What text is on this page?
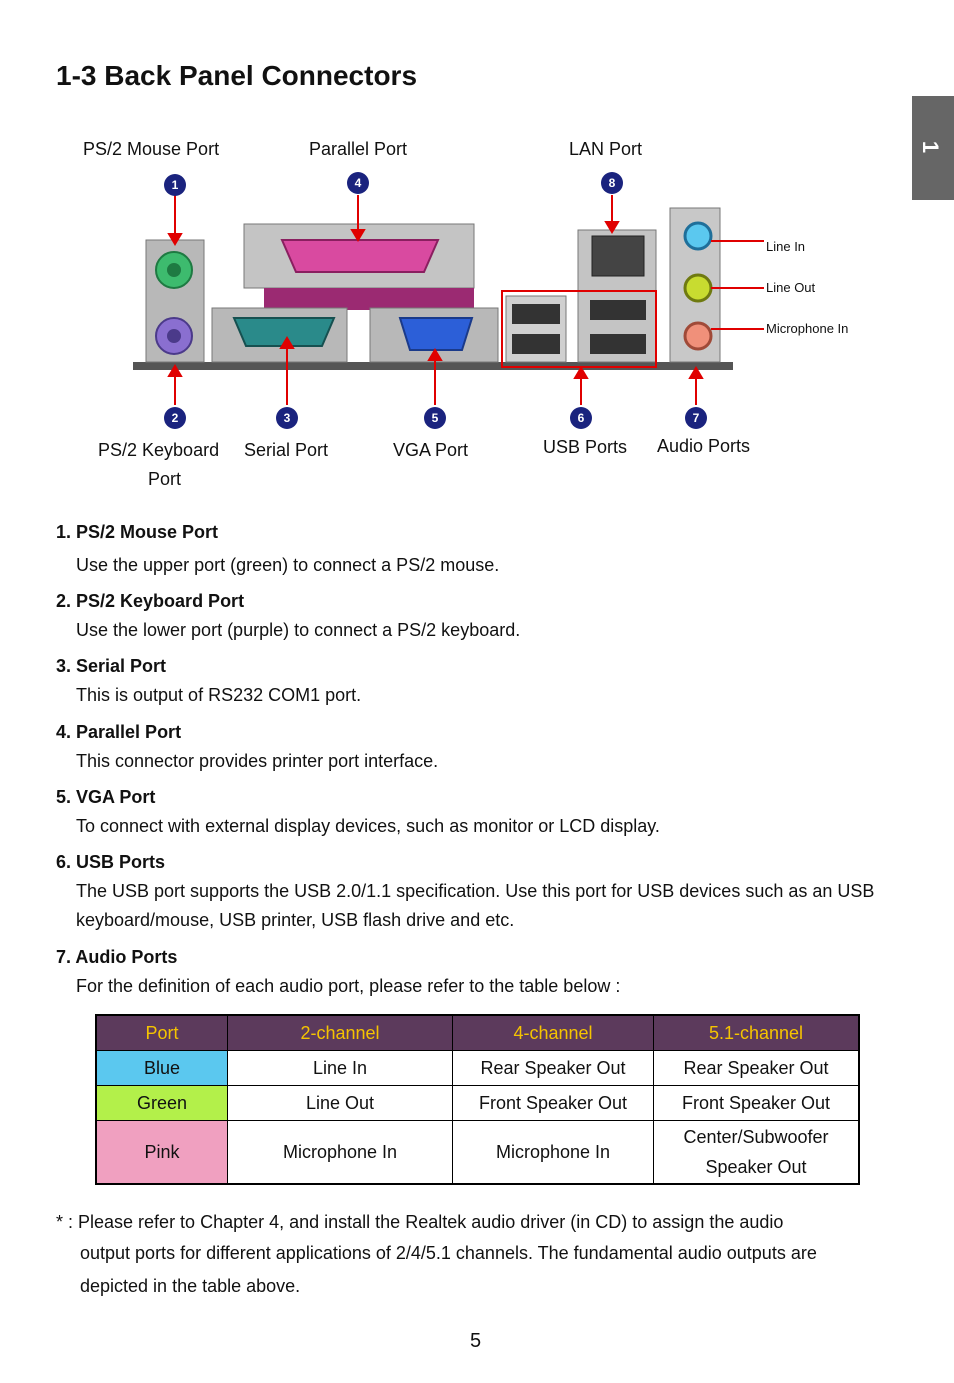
1-3 Back Panel Connectors
1
PS/2 Mouse Port	Parallel Port	LAN Port
PS/2 Keyboard
Port
Serial Port	VGA Port	USB Ports Audio Ports
Line In
Line Out
Microphone In
1	4	8
2	3	5	6	7
1. PS/2 Mouse Port
Use the upper port (green) to connect a PS/2 mouse.
2. PS/2 Keyboard Port
Use the lower port (purple) to connect a PS/2 keyboard.
3. Serial Port
This is output of RS232 COM1 port.
4. Parallel Port
This connector provides printer port interface.
5. VGA Port
To connect with external display devices, such as monitor or LCD display.
6. USB Ports
The USB port supports the USB 2.0/1.1 specification. Use this port for USB devices such as an USB keyboard/mouse, USB printer, USB flash drive and etc.
7. Audio Ports
For the definition of each audio port, please refer to the table below :
Port	2-channel	4-channel	5.1-channel
Blue	Line In	Rear Speaker Out	Rear Speaker Out
Green	Line Out	Front Speaker Out	Front Speaker Out
Pink	Microphone In	Microphone In	Center/Subwoofer
Speaker Out
* : Please refer to Chapter 4, and install the Realtek audio driver (in CD) to assign the audio
output ports for different applications of 2/4/5.1 channels. The fundamental audio outputs are
depicted in the table above.
5
